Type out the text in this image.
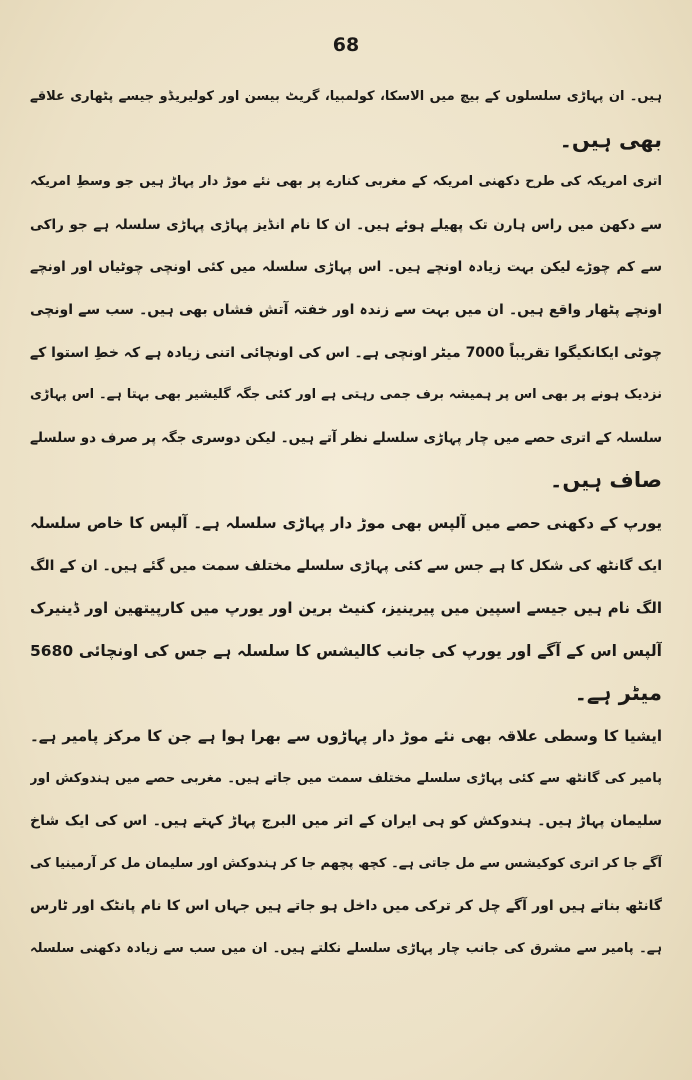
68
ہیں۔ ان پہاڑی سلسلوں کے بیچ میں الاسکا، کولمبیا، گریٹ بیسن اور کولیریڈو جیسے پٹھاری علاقے
بھی ہیں۔
اتری امریکہ کی طرح دکھنی امریکہ کے مغربی کنارے پر بھی نئے موڑ دار پہاڑ ہیں جو وسطِ امریکہ
سے دکھن میں راس ہارن تک پھیلے ہوئے ہیں۔ ان کا نام انڈیز پہاڑی پہاڑی سلسلہ ہے جو راکی
سے کم چوڑے لیکن بہت زیادہ اونچے ہیں۔ اس پہاڑی سلسلہ میں کئی اونچی چوٹیاں اور اونچے
اونچے پٹھار واقع ہیں۔ ان میں بہت سے زندہ اور خفتہ آتش فشاں بھی ہیں۔ سب سے اونچی
چوٹی ایکانکیگوا تقریباً 7000 میٹر اونچی ہے۔ اس کی اونچائی اتنی زیادہ ہے کہ خطِ استوا کے
نزدیک ہونے پر بھی اس پر ہمیشہ برف جمی رہتی ہے اور کئی جگہ گلیشیر بھی بہتا ہے۔ اس پہاڑی
سلسلہ کے اتری حصے میں چار پہاڑی سلسلے نظر آتے ہیں۔ لیکن دوسری جگہ پر صرف دو سلسلے
صاف ہیں۔
یورپ کے دکھنی حصے میں آلپس بھی موڑ دار پہاڑی سلسلہ ہے۔ آلپس کا خاص سلسلہ
ایک گانٹھ کی شکل کا ہے جس سے کئی پہاڑی سلسلے مختلف سمت میں گئے ہیں۔ ان کے الگ
الگ نام ہیں جیسے اسپین میں پیرینیز، کنیٹ برین اور یورپ میں کارپیتھین اور ڈینیرک
آلپس اس کے آگے اور یورپ کی جانب کالیشس کا سلسلہ ہے جس کی اونچائی 5680
میٹر ہے۔
ایشیا کا وسطی علاقہ بھی نئے موڑ دار پہاڑوں سے بھرا ہوا ہے جن کا مرکز پامیر ہے۔
پامیر کی گانٹھ سے کئی پہاڑی سلسلے مختلف سمت میں جاتے ہیں۔ مغربی حصے میں ہندوکش اور
سلیمان پہاڑ ہیں۔ ہندوکش کو ہی ایران کے اتر میں البرج پہاڑ کہتے ہیں۔ اس کی ایک شاخ
آگے جا کر اتری کوکیشس سے مل جاتی ہے۔ کچھ پچھم جا کر ہندوکش اور سلیمان مل کر آرمینیا کی
گانٹھ بناتے ہیں اور آگے چل کر ترکی میں داخل ہو جاتے ہیں جہاں اس کا نام پانٹک اور ٹارس
ہے۔ پامیر سے مشرق کی جانب چار پہاڑی سلسلے نکلتے ہیں۔ ان میں سب سے زیادہ دکھنی سلسلہ
